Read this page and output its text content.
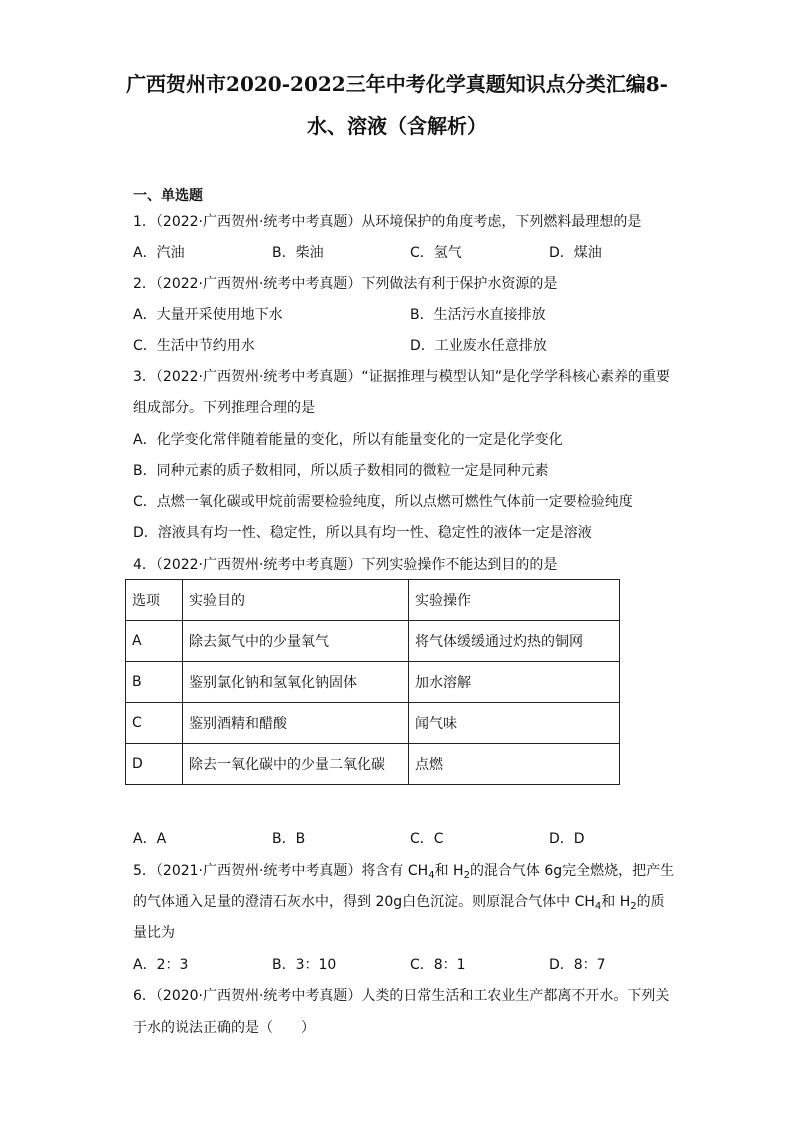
广西贺州市2020-2022三年中考化学真题知识点分类汇编8-
水、溶液（含解析）
一、单选题
1．（2022·广西贺州·统考中考真题）从环境保护的角度考虑，下列燃料最理想的是
A．汽油	B．柴油	C．氢气	D．煤油
2．（2022·广西贺州·统考中考真题）下列做法有利于保护水资源的是
A．大量开采使用地下水	B．生活污水直接排放
C．生活中节约用水	D．工业废水任意排放
3．（2022·广西贺州·统考中考真题）“证据推理与模型认知”是化学学科核心素养的重要
组成部分。下列推理合理的是
A．化学变化常伴随着能量的变化，所以有能量变化的一定是化学变化
B．同种元素的质子数相同，所以质子数相同的微粒一定是同种元素
C．点燃一氧化碳或甲烷前需要检验纯度，所以点燃可燃性气体前一定要检验纯度
D．溶液具有均一性、稳定性，所以具有均一性、稳定性的液体一定是溶液
4．（2022·广西贺州·统考中考真题）下列实验操作不能达到目的的是
选项	实验目的	实验操作
A	除去氮气中的少量氧气	将气体缓缓通过灼热的铜网
B	鉴别氯化钠和氢氧化钠固体	加水溶解
C	鉴别酒精和醋酸	闻气味
D	除去一氧化碳中的少量二氧化碳	点燃
A．A	B．B	C．C	D．D
5．（2021·广西贺州·统考中考真题）将含有 $CH_4$和 $H_2$的混合气体 6g完全燃烧，把产生
的气体通入足量的澄清石灰水中，得到 20g白色沉淀。则原混合气体中 $CH_4$和 $H_2$的质
量比为
A．2：3	B．3：10	C．8：1	D．8：7
6．（2020·广西贺州·统考中考真题）人类的日常生活和工农业生产都离不开水。下列关
于水的说法正确的是（　　）
